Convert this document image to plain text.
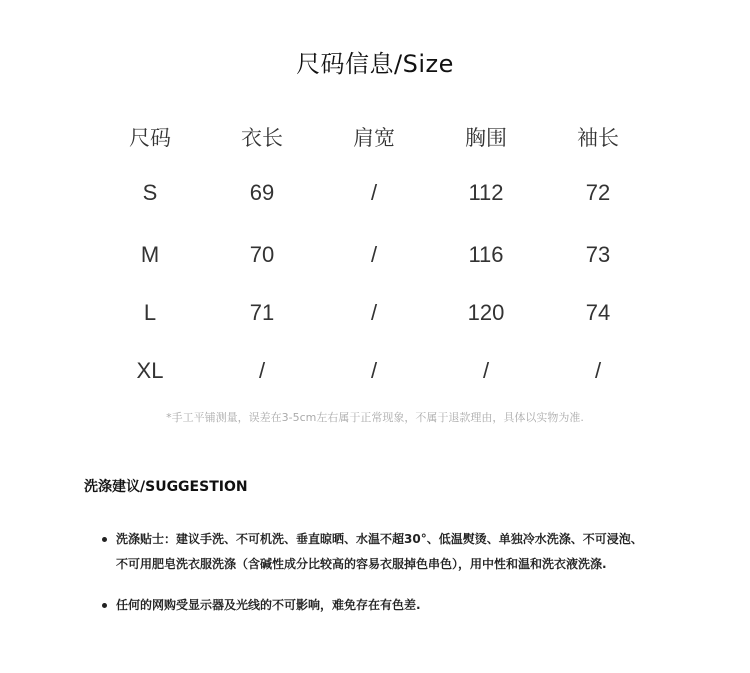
尺码信息/Size
尺码	衣长	肩宽	胸围	袖长
S	69	/	112	72
M	70	/	116	73
L	71	/	120	74
XL	/	/	/	/
*手工平铺测量，误差在3-5cm左右属于正常现象，不属于退款理由，具体以实物为准.
洗涤建议/SUGGESTION
洗涤贴士：建议手洗、不可机洗、垂直晾晒、水温不超30°、低温熨烫、单独冷水洗涤、不可浸泡、
不可用肥皂洗衣服洗涤（含碱性成分比较高的容易衣服掉色串色），用中性和温和洗衣液洗涤.
任何的网购受显示器及光线的不可影响，难免存在有色差.
